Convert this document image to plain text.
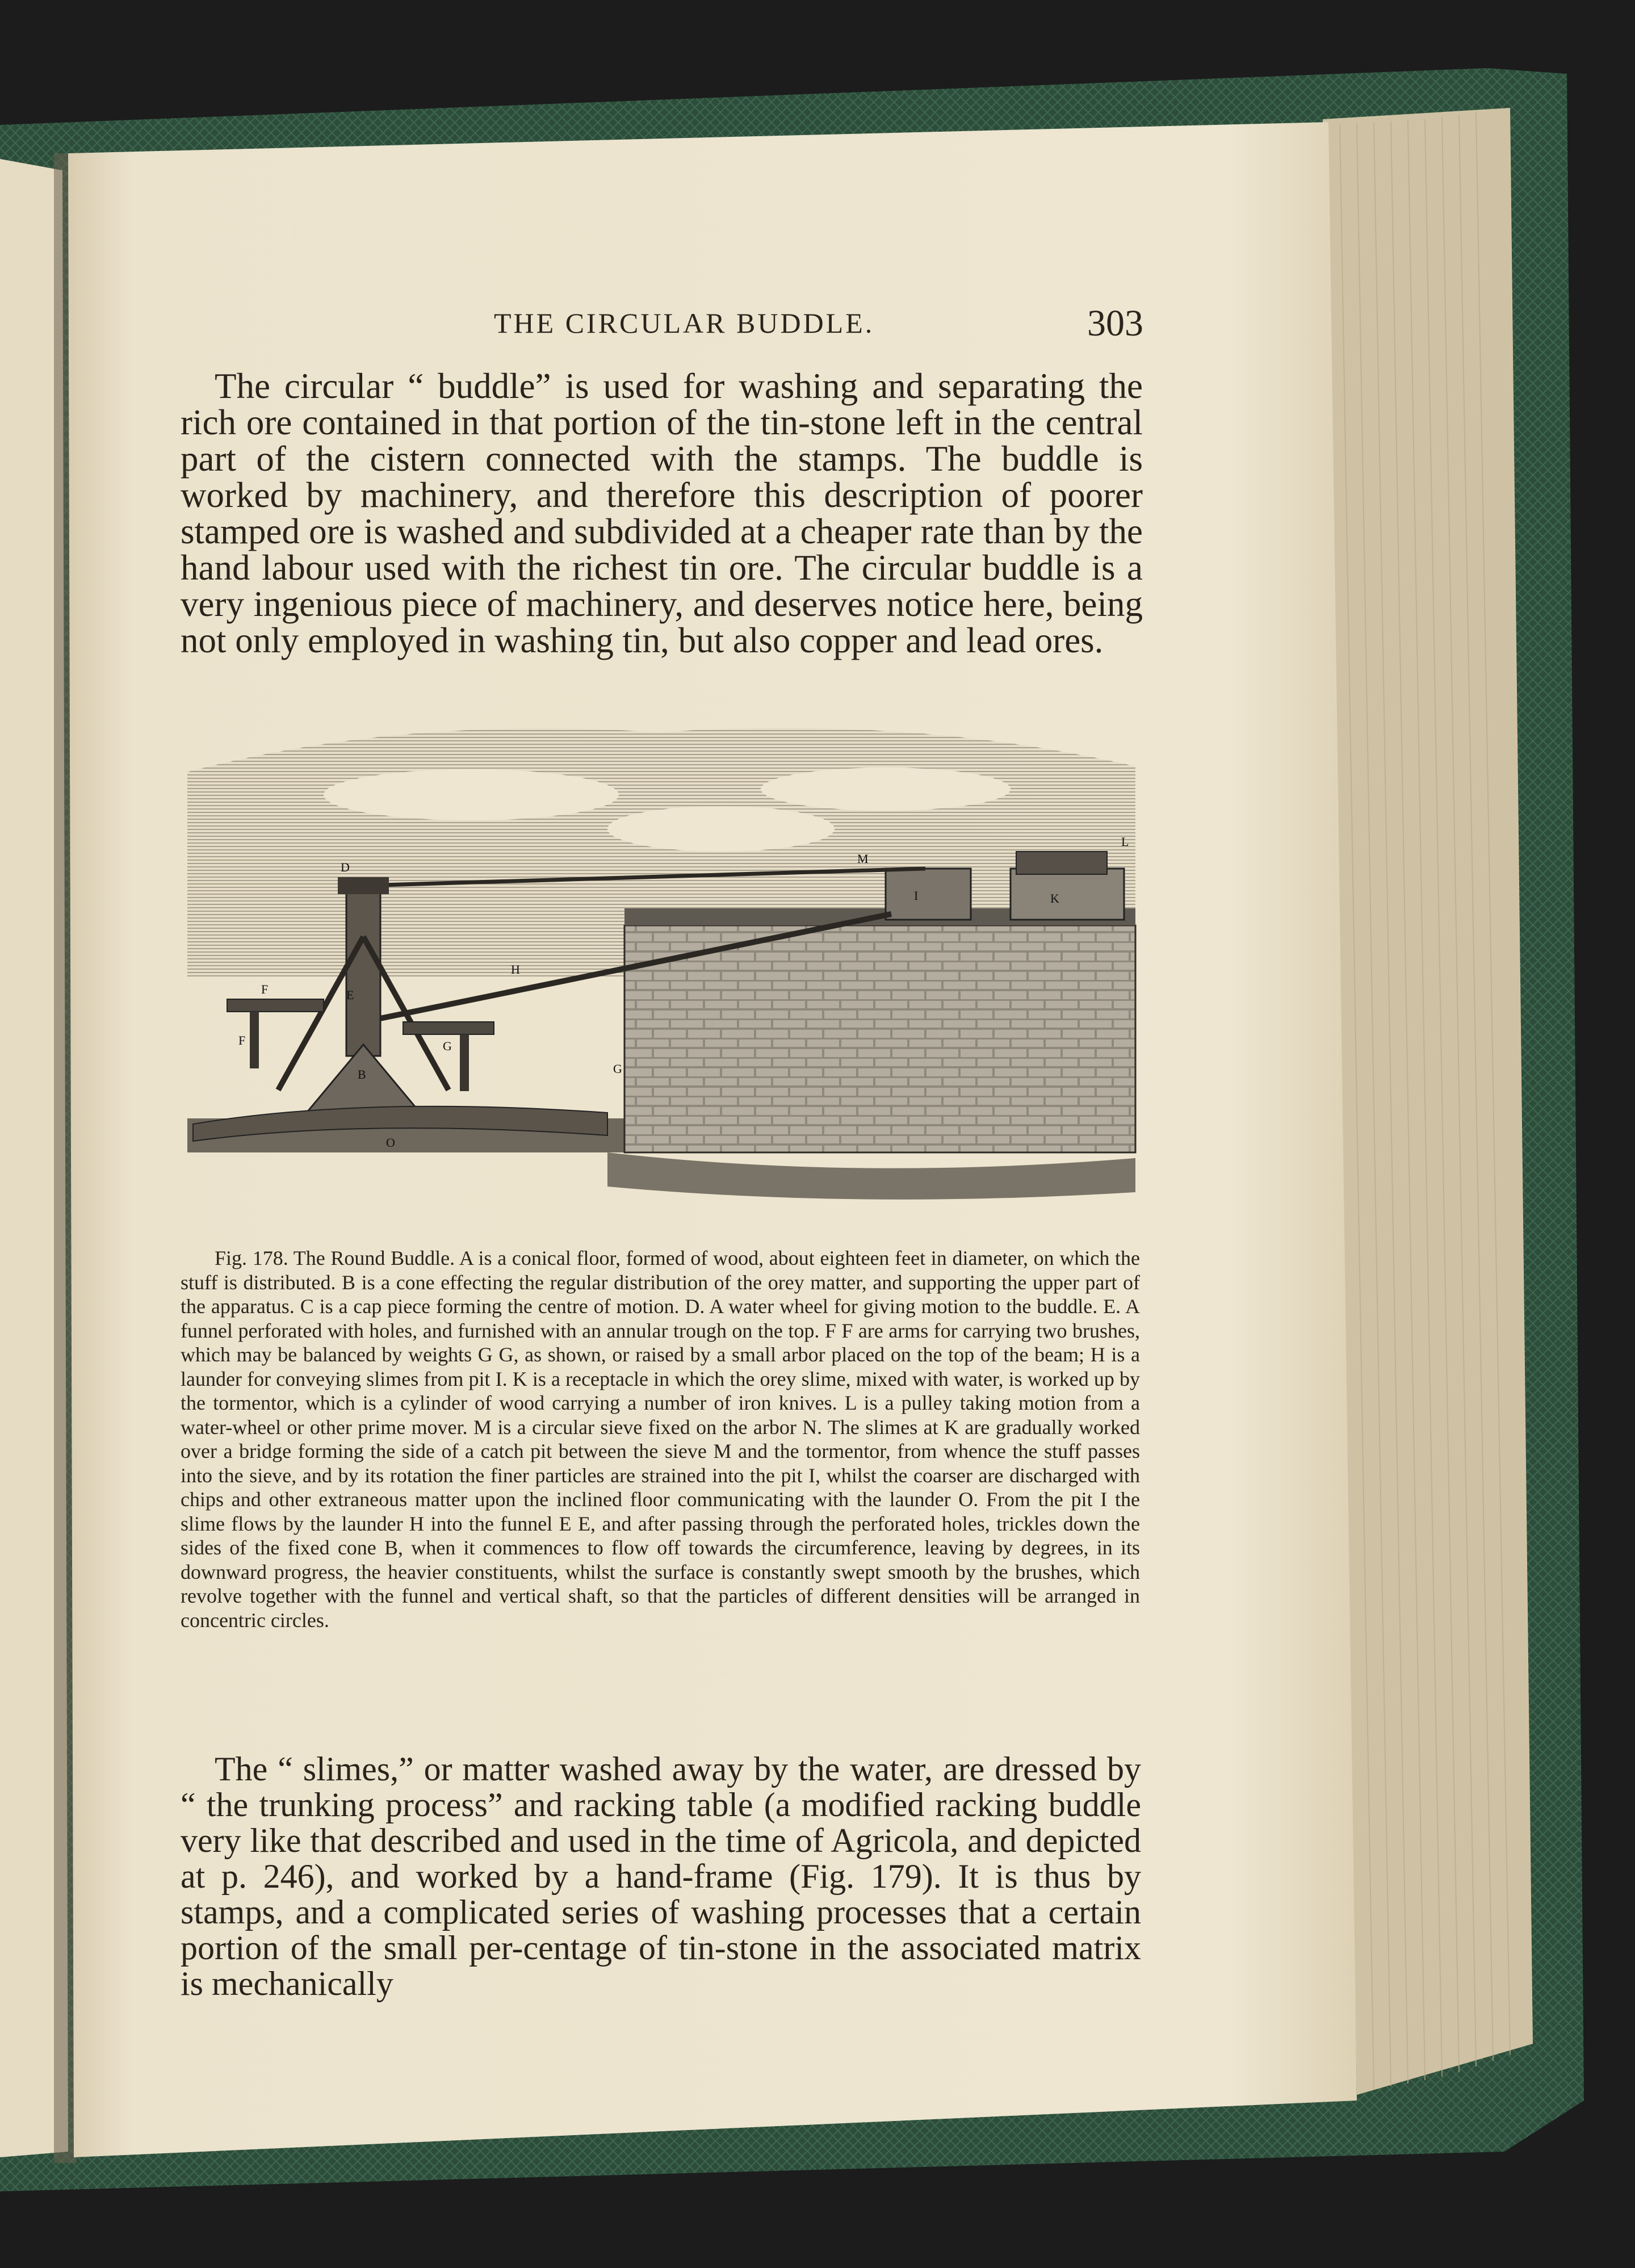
THE CIRCULAR BUDDLE.	303

The circular “ buddle” is used for washing and separating the rich ore contained in that portion of the tin-stone left in the central part of the cistern connected with the stamps. The buddle is worked by machinery, and therefore this description of poorer stamped ore is washed and subdivided at a cheaper rate than by the hand labour used with the richest tin ore. The circular buddle is a very ingenious piece of machinery, and deserves notice here, being not only employed in washing tin, but also copper and lead ores.

D
B
M
I	K
L
H
E
F
G
F
G
O

Fig. 178. The Round Buddle. A is a conical floor, formed of wood, about eighteen feet in diameter, on which the stuff is distributed. B is a cone effecting the regular distribution of the orey matter, and supporting the upper part of the apparatus. C is a cap piece forming the centre of motion. D. A water wheel for giving motion to the buddle. E. A funnel perforated with holes, and furnished with an annular trough on the top. F F are arms for carrying two brushes, which may be balanced by weights G G, as shown, or raised by a small arbor placed on the top of the beam; H is a launder for conveying slimes from pit I. K is a receptacle in which the orey slime, mixed with water, is worked up by the tormentor, which is a cylinder of wood carrying a number of iron knives. L is a pulley taking motion from a water-wheel or other prime mover. M is a circular sieve fixed on the arbor N. The slimes at K are gradually worked over a bridge forming the side of a catch pit between the sieve M and the tormentor, from whence the stuff passes into the sieve, and by its rotation the finer particles are strained into the pit I, whilst the coarser are discharged with chips and other extraneous matter upon the inclined floor communicating with the launder O. From the pit I the slime flows by the launder H into the funnel E E, and after passing through the perforated holes, trickles down the sides of the fixed cone B, when it commences to flow off towards the circumference, leaving by degrees, in its downward progress, the heavier constituents, whilst the surface is constantly swept smooth by the brushes, which revolve together with the funnel and vertical shaft, so that the particles of different densities will be arranged in concentric circles.

The “ slimes,” or matter washed away by the water, are dressed by “ the trunking process” and racking table (a modified racking buddle very like that described and used in the time of Agricola, and depicted at p. 246), and worked by a hand-frame (Fig. 179). It is thus by stamps, and a complicated series of washing processes that a certain portion of the small per-centage of tin-stone in the associated matrix is mechanically
